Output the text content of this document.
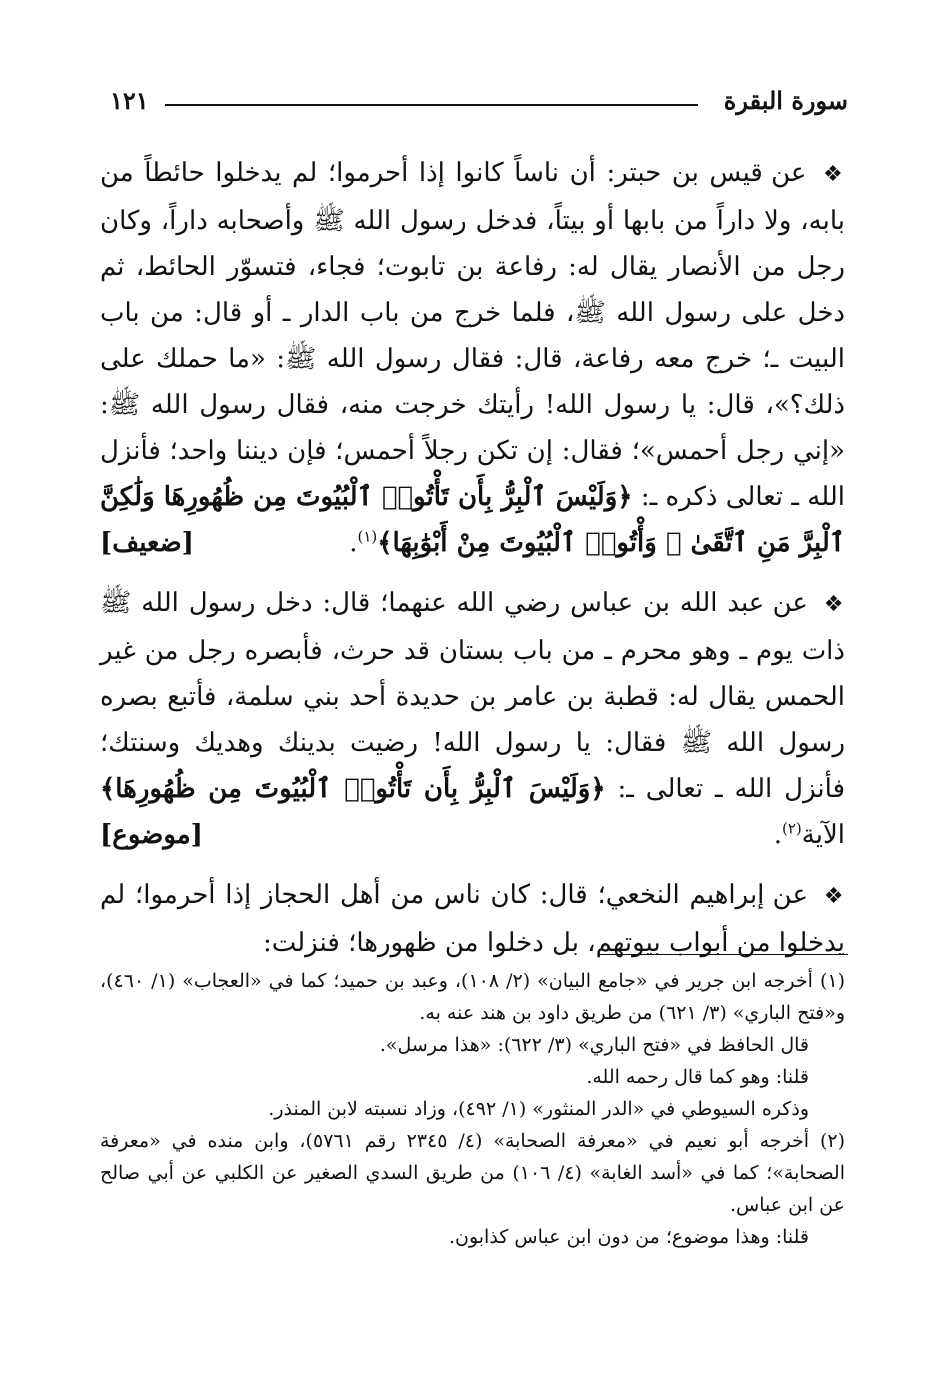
١٢١	سورة البقرة

❖ عن قيس بن حبتر: أن ناساً كانوا إذا أحرموا؛ لم يدخلوا حائطاً من بابه، ولا داراً من بابها أو بيتاً، فدخل رسول الله ﷺ وأصحابه داراً، وكان رجل من الأنصار يقال له: رفاعة بن تابوت؛ فجاء، فتسوّر الحائط، ثم دخل على رسول الله ﷺ، فلما خرج من باب الدار ـ أو قال: من باب البيت ـ؛ خرج معه رفاعة، قال: فقال رسول الله ﷺ: «ما حملك على ذلك؟»، قال: يا رسول الله! رأيتك خرجت منه، فقال رسول الله ﷺ: «إني رجل أحمس»؛ فقال: إن تكن رجلاً أحمس؛ فإن ديننا واحد؛ فأنزل الله ـ تعالى ذكره ـ: ﴿وَلَيْسَ ٱلْبِرُّ بِأَن تَأْتُوا۟ ٱلْبُيُوتَ مِن ظُهُورِهَا وَلَٰكِنَّ ٱلْبِرَّ مَنِ ٱتَّقَىٰ ۗ وَأْتُوا۟ ٱلْبُيُوتَ مِنْ أَبْوَٰبِهَا﴾$^{(١)}$.
[ضعيف]

❖ عن عبد الله بن عباس رضي الله عنهما؛ قال: دخل رسول الله ﷺ ذات يوم ـ وهو محرم ـ من باب بستان قد حرث، فأبصره رجل من غير الحمس يقال له: قطبة بن عامر بن حديدة أحد بني سلمة، فأتبع بصره رسول الله ﷺ فقال: يا رسول الله! رضيت بدينك وهديك وسنتك؛ فأنزل الله ـ تعالى ـ: ﴿وَلَيْسَ ٱلْبِرُّ بِأَن تَأْتُوا۟ ٱلْبُيُوتَ مِن ظُهُورِهَا﴾ الآية$^{(٢)}$.
[موضوع]

❖ عن إبراهيم النخعي؛ قال: كان ناس من أهل الحجاز إذا أحرموا؛ لم يدخلوا من أبواب بيوتهم، بل دخلوا من ظهورها؛ فنزلت:

(١) أخرجه ابن جرير في «جامع البيان» (٢/ ١٠٨)، وعبد بن حميد؛ كما في «العجاب» (١/ ٤٦٠)، و«فتح الباري» (٣/ ٦٢١) من طريق داود بن هند عنه به.

قال الحافظ في «فتح الباري» (٣/ ٦٢٢): «هذا مرسل».

قلنا: وهو كما قال رحمه الله.

وذكره السيوطي في «الدر المنثور» (١/ ٤٩٢)، وزاد نسبته لابن المنذر.

(٢) أخرجه أبو نعيم في «معرفة الصحابة» (٤/ ٢٣٤٥ رقم ٥٧٦١)، وابن منده في «معرفة الصحابة»؛ كما في «أسد الغابة» (٤/ ١٠٦) من طريق السدي الصغير عن الكلبي عن أبي صالح عن ابن عباس.

قلنا: وهذا موضوع؛ من دون ابن عباس كذابون.
